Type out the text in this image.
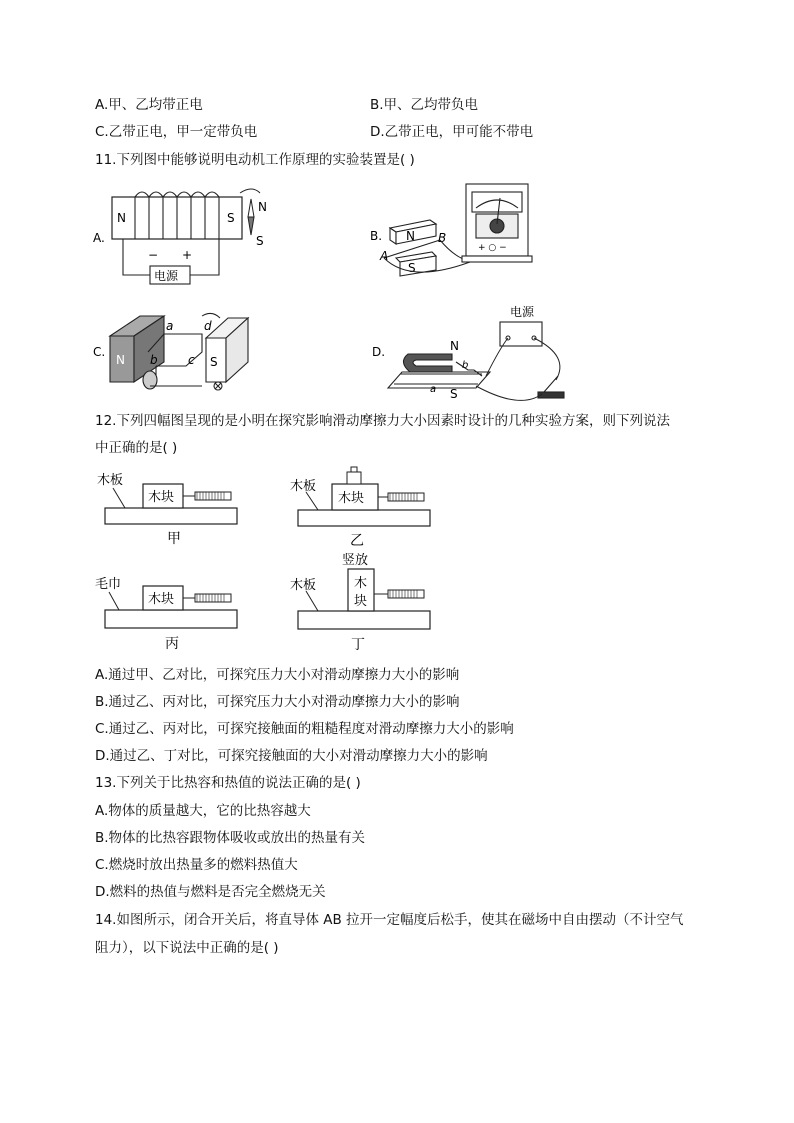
A.甲、乙均带正电	B.甲、乙均带负电
C.乙带正电，甲一定带负电	D.乙带正电，甲可能不带电
11.下列图中能够说明电动机工作原理的实验装置是( )
A.
N	S
− +
电源
N
S	B. N
S
A
B
+ ○ −
C.
N	S
a	d
b	c
D.
电源
N
S
b
a
12.下列四幅图呈现的是小明在探究影响滑动摩擦力大小因素时设计的几种实验方案，则下列说法
中正确的是( )
木板
木块
甲
木板
木块
乙
毛巾
木块
丙
竖放
木板	木
块
丁
A.通过甲、乙对比，可探究压力大小对滑动摩擦力大小的影响
B.通过乙、丙对比，可探究压力大小对滑动摩擦力大小的影响
C.通过乙、丙对比，可探究接触面的粗糙程度对滑动摩擦力大小的影响
D.通过乙、丁对比，可探究接触面的大小对滑动摩擦力大小的影响
13.下列关于比热容和热值的说法正确的是( )
A.物体的质量越大，它的比热容越大
B.物体的比热容跟物体吸收或放出的热量有关
C.燃烧时放出热量多的燃料热值大
D.燃料的热值与燃料是否完全燃烧无关
14.如图所示，闭合开关后，将直导体 AB 拉开一定幅度后松手，使其在磁场中自由摆动（不计空气
阻力），以下说法中正确的是( )
